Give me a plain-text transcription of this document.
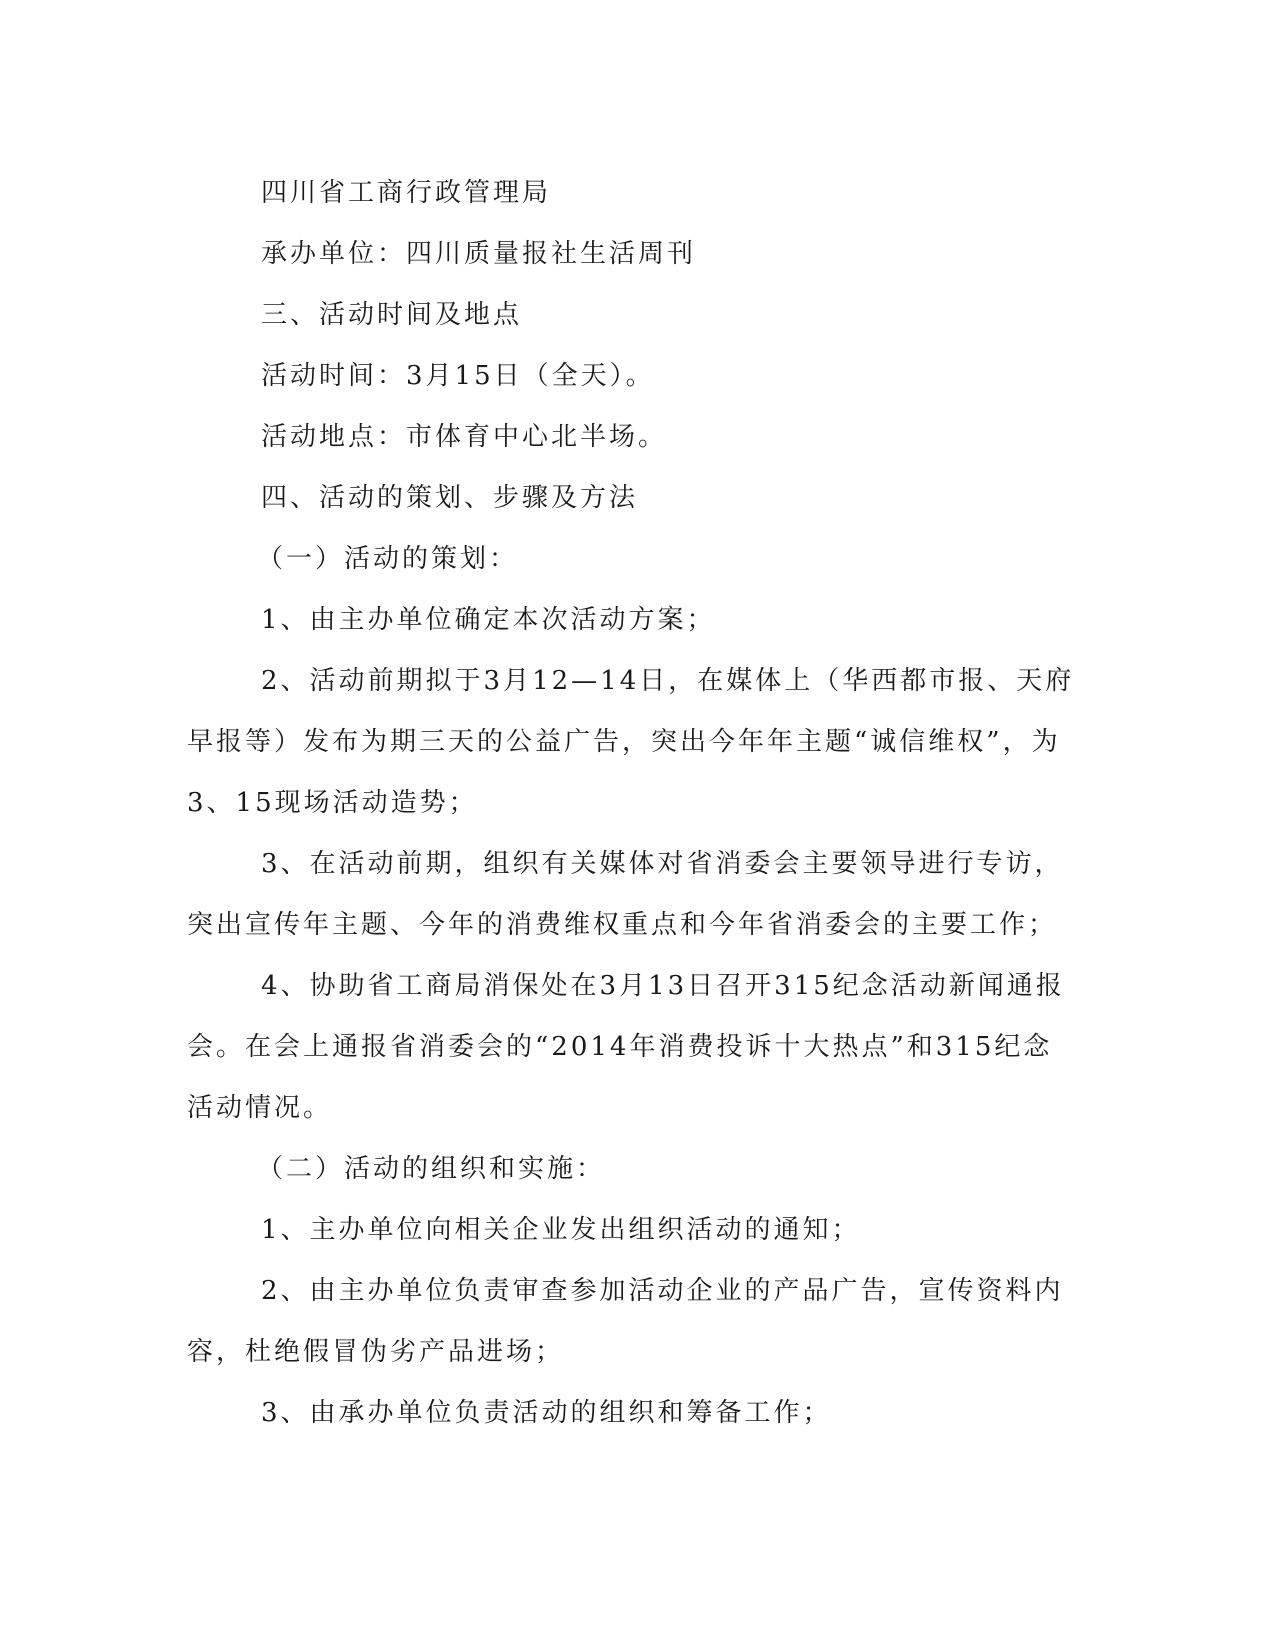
四川省工商行政管理局

承办单位：四川质量报社生活周刊

三、活动时间及地点

活动时间：3月15日（全天）。

活动地点：市体育中心北半场。

四、活动的策划、步骤及方法

（一）活动的策划：

1、由主办单位确定本次活动方案；

2、活动前期拟于3月12—14日，在媒体上（华西都市报、天府早报等）发布为期三天的公益广告，突出今年年主题“诚信维权”，为3、15现场活动造势；

3、在活动前期，组织有关媒体对省消委会主要领导进行专访，突出宣传年主题、今年的消费维权重点和今年省消委会的主要工作；

4、协助省工商局消保处在3月13日召开315纪念活动新闻通报会。在会上通报省消委会的“2014年消费投诉十大热点”和315纪念活动情况。

（二）活动的组织和实施：

1、主办单位向相关企业发出组织活动的通知；

2、由主办单位负责审查参加活动企业的产品广告，宣传资料内容，杜绝假冒伪劣产品进场；

3、由承办单位负责活动的组织和筹备工作；
